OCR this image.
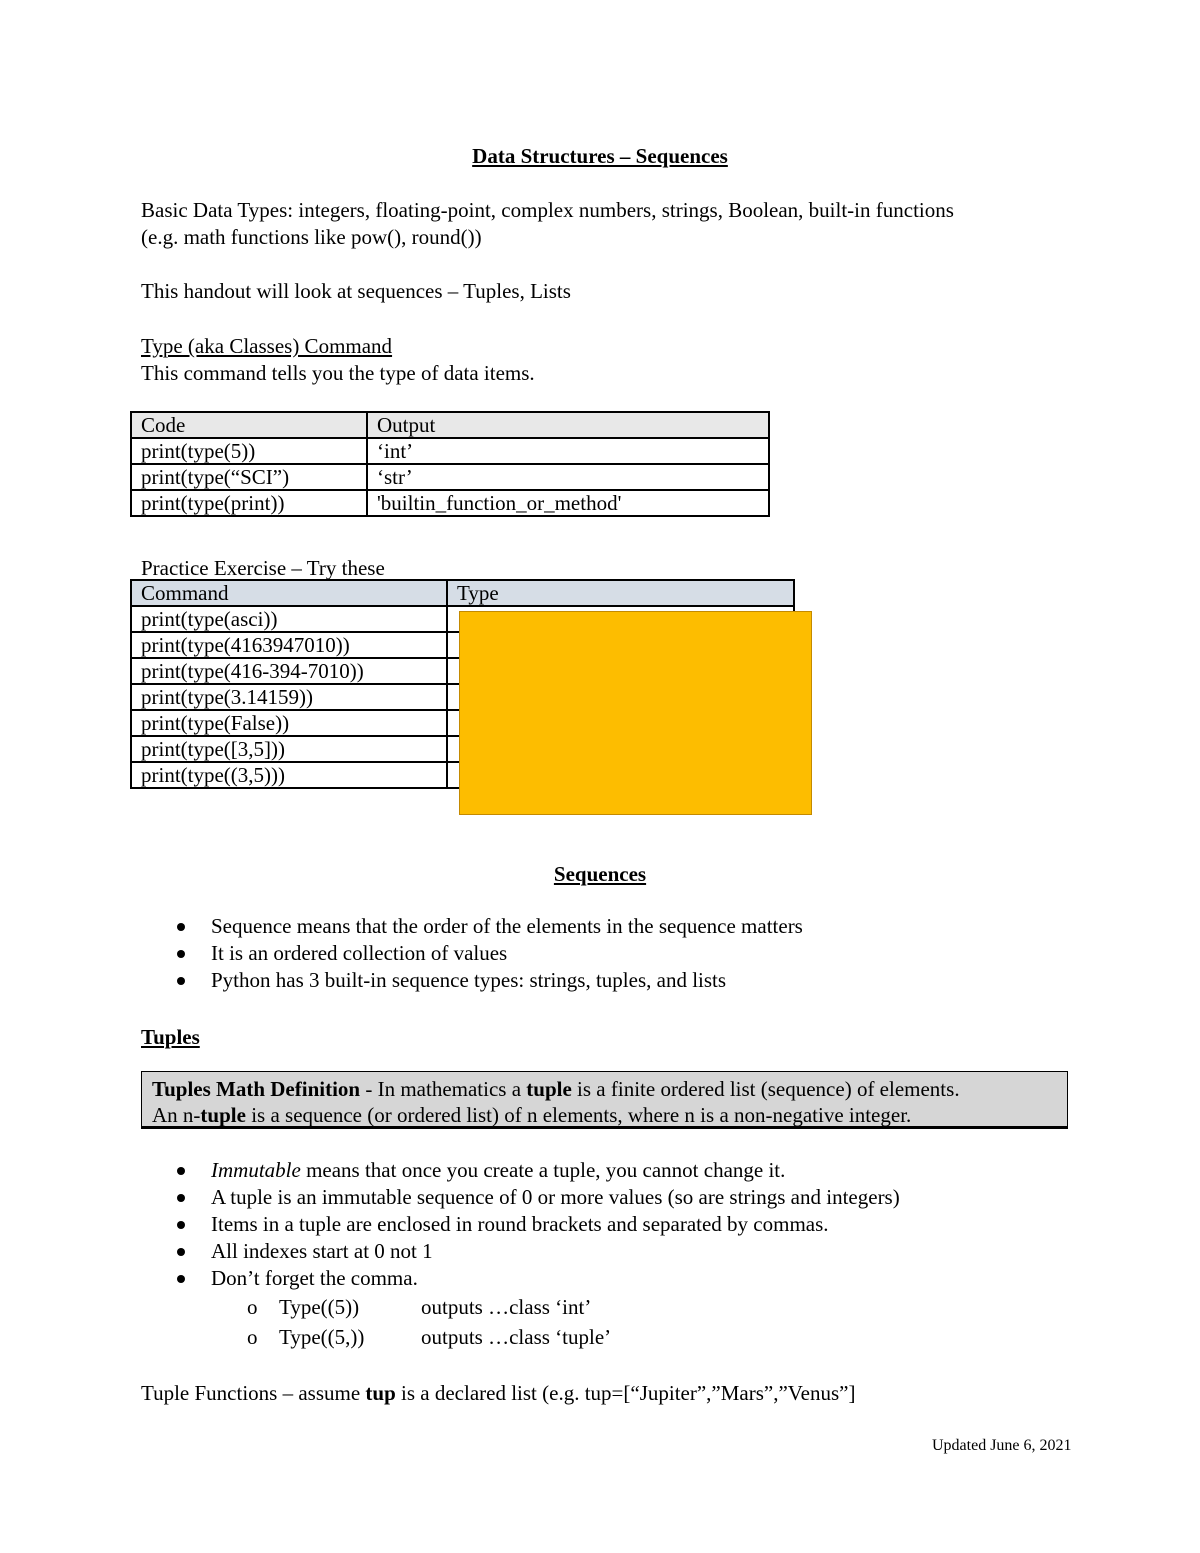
Data Structures – Sequences
Basic Data Types: integers, floating-point, complex numbers, strings, Boolean, built-in functions
(e.g. math functions like pow(), round())
This handout will look at sequences – Tuples, Lists
Type (aka Classes) Command
This command tells you the type of data items.
Code	Output
print(type(5))	‘int’
print(type(“SCI”)	‘str’
print(type(print))	'builtin_function_or_method'
Practice Exercise – Try these
Command	Type
print(type(asci))	
print(type(4163947010))	
print(type(416-394-7010))	
print(type(3.14159))	
print(type(False))	
print(type([3,5]))	
print(type((3,5)))	
Sequences
Sequence means that the order of the elements in the sequence matters
It is an ordered collection of values
Python has 3 built-in sequence types: strings, tuples, and lists
Tuples
Tuples Math Definition - In mathematics a tuple is a finite ordered list (sequence) of elements.
An n-tuple is a sequence (or ordered list) of n elements, where n is a non-negative integer.
Immutable means that once you create a tuple, you cannot change it.
A tuple is an immutable sequence of 0 or more values (so are strings and integers)
Items in a tuple are enclosed in round brackets and separated by commas.
All indexes start at 0 not 1
Don’t forget the comma.
o Type((5))	outputs …class ‘int’
o Type((5,))	outputs …class ‘tuple’
Tuple Functions – assume tup is a declared list (e.g. tup=[“Jupiter”,”Mars”,”Venus”]
Updated June 6, 2021
